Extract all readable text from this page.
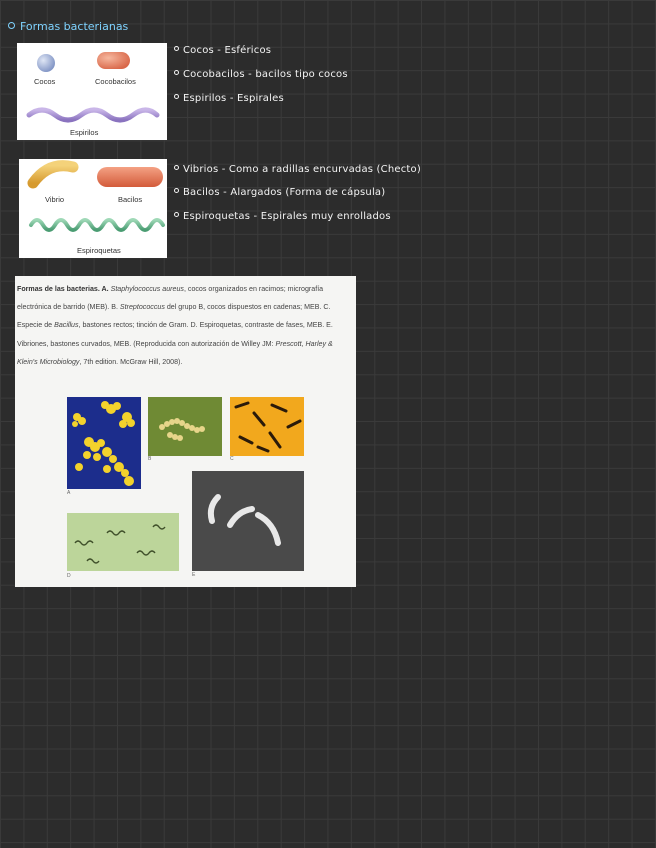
Formas bacterianas
Cocos	Cocobacilos
Espirilos
Cocos - Esféricos
Cocobacilos - bacilos tipo cocos
Espirilos - Espirales
Vibrio	Bacilos
Espiroquetas
Vibrios - Como a radillas encurvadas (Checto)
Bacilos - Alargados (Forma de cápsula)
Espiroquetas - Espirales muy enrollados
Formas de las bacterias. A. Staphylococcus aureus, cocos organizados en racimos; micrografía electrónica de barrido (MEB). B. Streptococcus del grupo B, cocos dispuestos en cadenas; MEB. C. Especie de Bacillus, bastones rectos; tinción de Gram. D. Espiroquetas, contraste de fases, MEB. E. Vibriones, bastones curvados, MEB. (Reproducida con autorización de Willey JM: Prescott, Harley & Klein's Microbiology, 7th edition. McGraw Hill, 2008).
A
B	C
D	E
